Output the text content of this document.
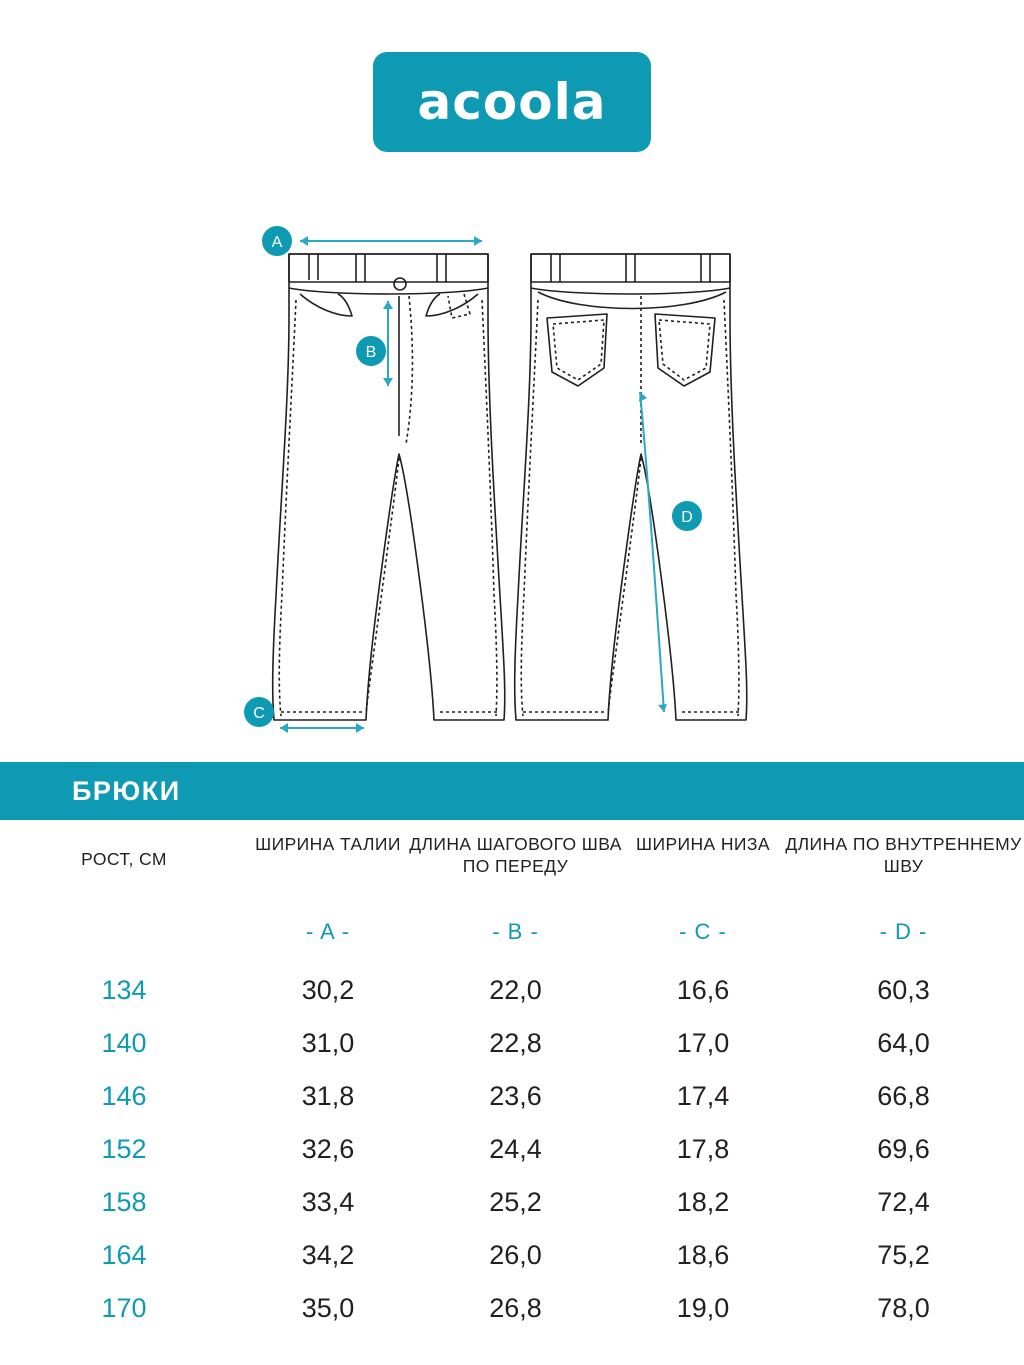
acoola
A
B
C
D
БРЮКИ
РОСТ, СМ	ШИРИНА ТАЛИИ	ДЛИНА ШАГОВОГО ШВА ПО ПЕРЕДУ	ШИРИНА НИЗА	ДЛИНА ПО ВНУТРЕННЕМУ ШВУ
	- A -	- B -	- C -	- D -
134	30,2	22,0	16,6	60,3
140	31,0	22,8	17,0	64,0
146	31,8	23,6	17,4	66,8
152	32,6	24,4	17,8	69,6
158	33,4	25,2	18,2	72,4
164	34,2	26,0	18,6	75,2
170	35,0	26,8	19,0	78,0
